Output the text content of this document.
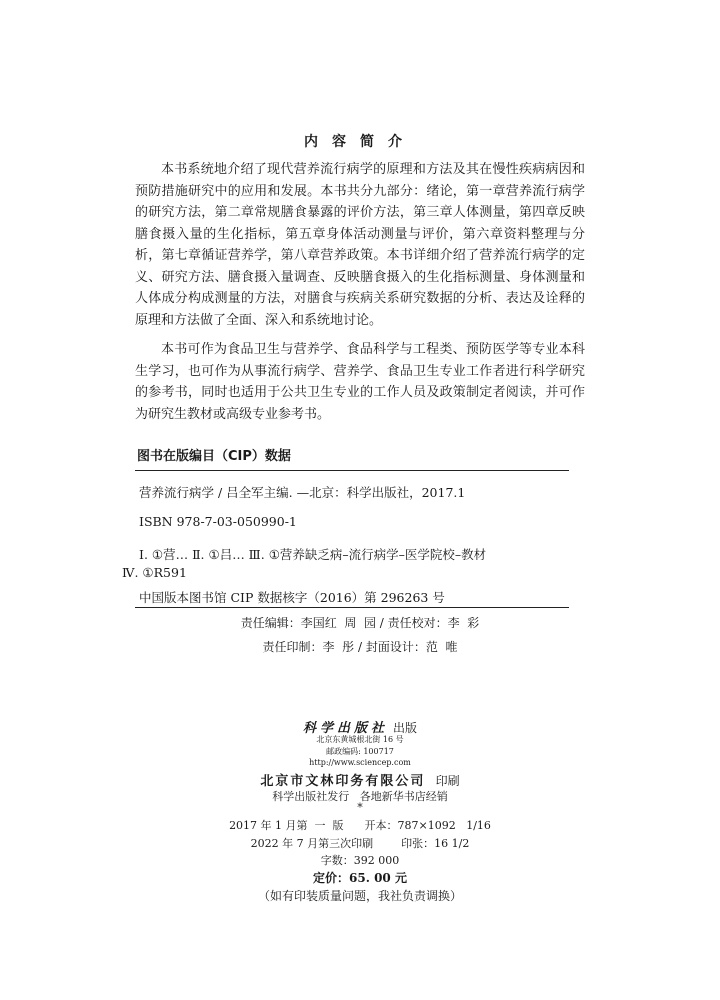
内容简介

本书系统地介绍了现代营养流行病学的原理和方法及其在慢性疾病病因和预防措施研究中的应用和发展。本书共分九部分：绪论，第一章营养流行病学的研究方法，第二章常规膳食暴露的评价方法，第三章人体测量，第四章反映膳食摄入量的生化指标，第五章身体活动测量与评价，第六章资料整理与分析，第七章循证营养学，第八章营养政策。本书详细介绍了营养流行病学的定义、研究方法、膳食摄入量调查、反映膳食摄入的生化指标测量、身体测量和人体成分构成测量的方法，对膳食与疾病关系研究数据的分析、表达及诠释的原理和方法做了全面、深入和系统地讨论。

本书可作为食品卫生与营养学、食品科学与工程类、预防医学等专业本科生学习，也可作为从事流行病学、营养学、食品卫生专业工作者进行科学研究的参考书，同时也适用于公共卫生专业的工作人员及政策制定者阅读，并可作为研究生教材或高级专业参考书。

图书在版编目（CIP）数据
营养流行病学 / 吕全军主编. —北京：科学出版社，2017.1
ISBN 978-7-03-050990-1
Ⅰ. ①营… Ⅱ. ①吕… Ⅲ. ①营养缺乏病–流行病学–医学院校–教材
Ⅳ. ①R591
中国版本图书馆 CIP 数据核字（2016）第 296263 号
责任编辑：李国红  周  园 / 责任校对：李  彩
责任印制：李  彤 / 封面设计：范  唯
科学出版社 出版
北京东黄城根北街 16 号
邮政编码: 100717
http://www.sciencep.com
北京市文林印务有限公司 印刷
科学出版社发行   各地新华书店经销
*
2017 年 1 月第  一  版      开本：787×1092   1/16
2022 年 7 月第三次印刷        印张：16 1/2
字数：392 000
定价：65. 00 元
（如有印装质量问题，我社负责调换）
